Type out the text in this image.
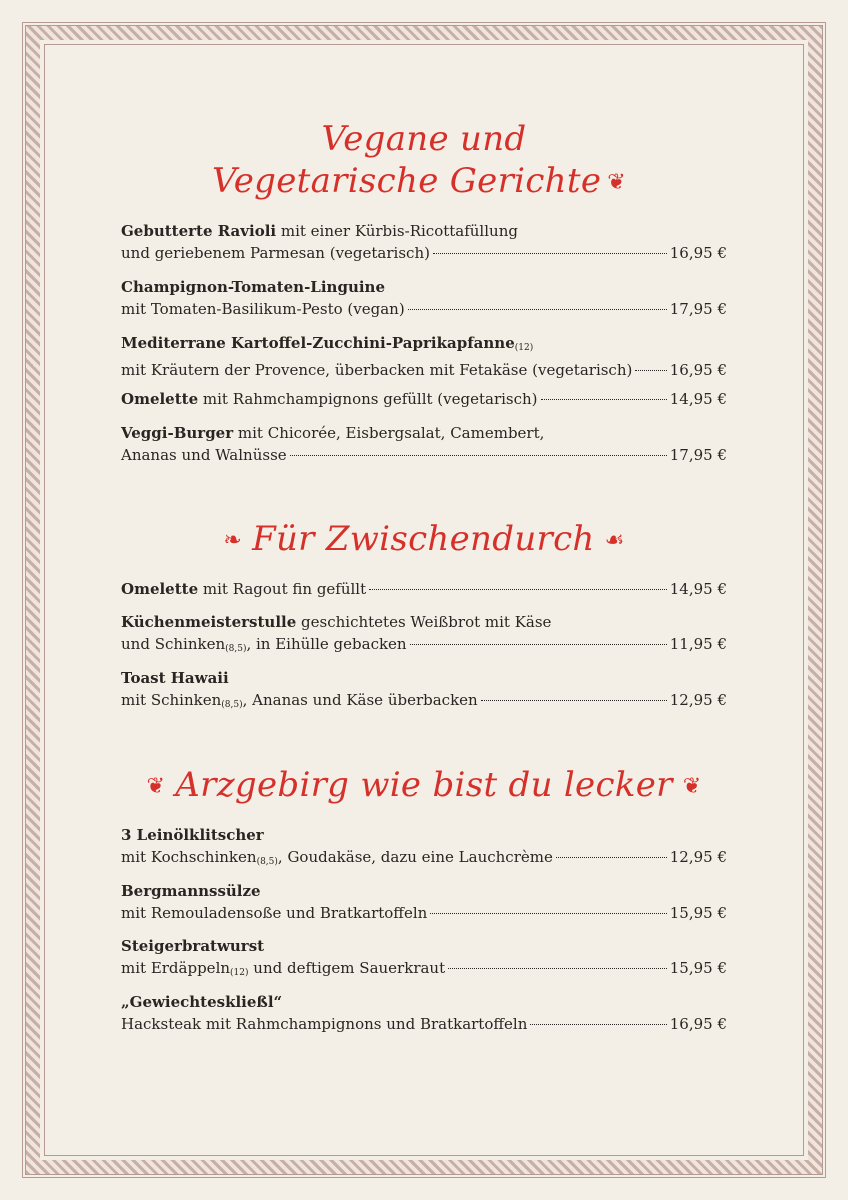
Vegane und
Vegetarische Gerichte ❦
Gebutterte Ravioli mit einer Kürbis-Ricottafüllung
und geriebenem Parmesan (vegetarisch)	16,95 €
Champignon-Tomaten-Linguine
mit Tomaten-Basilikum-Pesto (vegan)	17,95 €
Mediterrane Kartoffel-Zucchini-Paprikapfanne$_{(12)}$
mit Kräutern der Provence, überbacken mit Fetakäse (vegetarisch) 16,95 €
Omelette mit Rahmchampignons gefüllt (vegetarisch)	14,95 €
Veggi-Burger mit Chicorée, Eisbergsalat, Camembert,
Ananas und Walnüsse	17,95 €
❧ Für Zwischendurch ☙
Omelette mit Ragout fin gefüllt	14,95 €
Küchenmeisterstulle geschichtetes Weißbrot mit Käse
und Schinken$_{(8,5)}$, in Eihülle gebacken	11,95 €
Toast Hawaii
mit Schinken$_{(8,5)}$, Ananas und Käse überbacken	12,95 €
❦ Arzgebirg wie bist du lecker ❦
3 Leinölklitscher
mit Kochschinken$_{(8,5)}$, Goudakäse, dazu eine Lauchcrème	12,95 €
Bergmannssülze
mit Remouladensoße und Bratkartoffeln	15,95 €
Steigerbratwurst
mit Erdäppeln$_{(12)}$ und deftigem Sauerkraut	15,95 €
„Gewiechteskließl“
Hacksteak mit Rahmchampignons und Bratkartoffeln	16,95 €
